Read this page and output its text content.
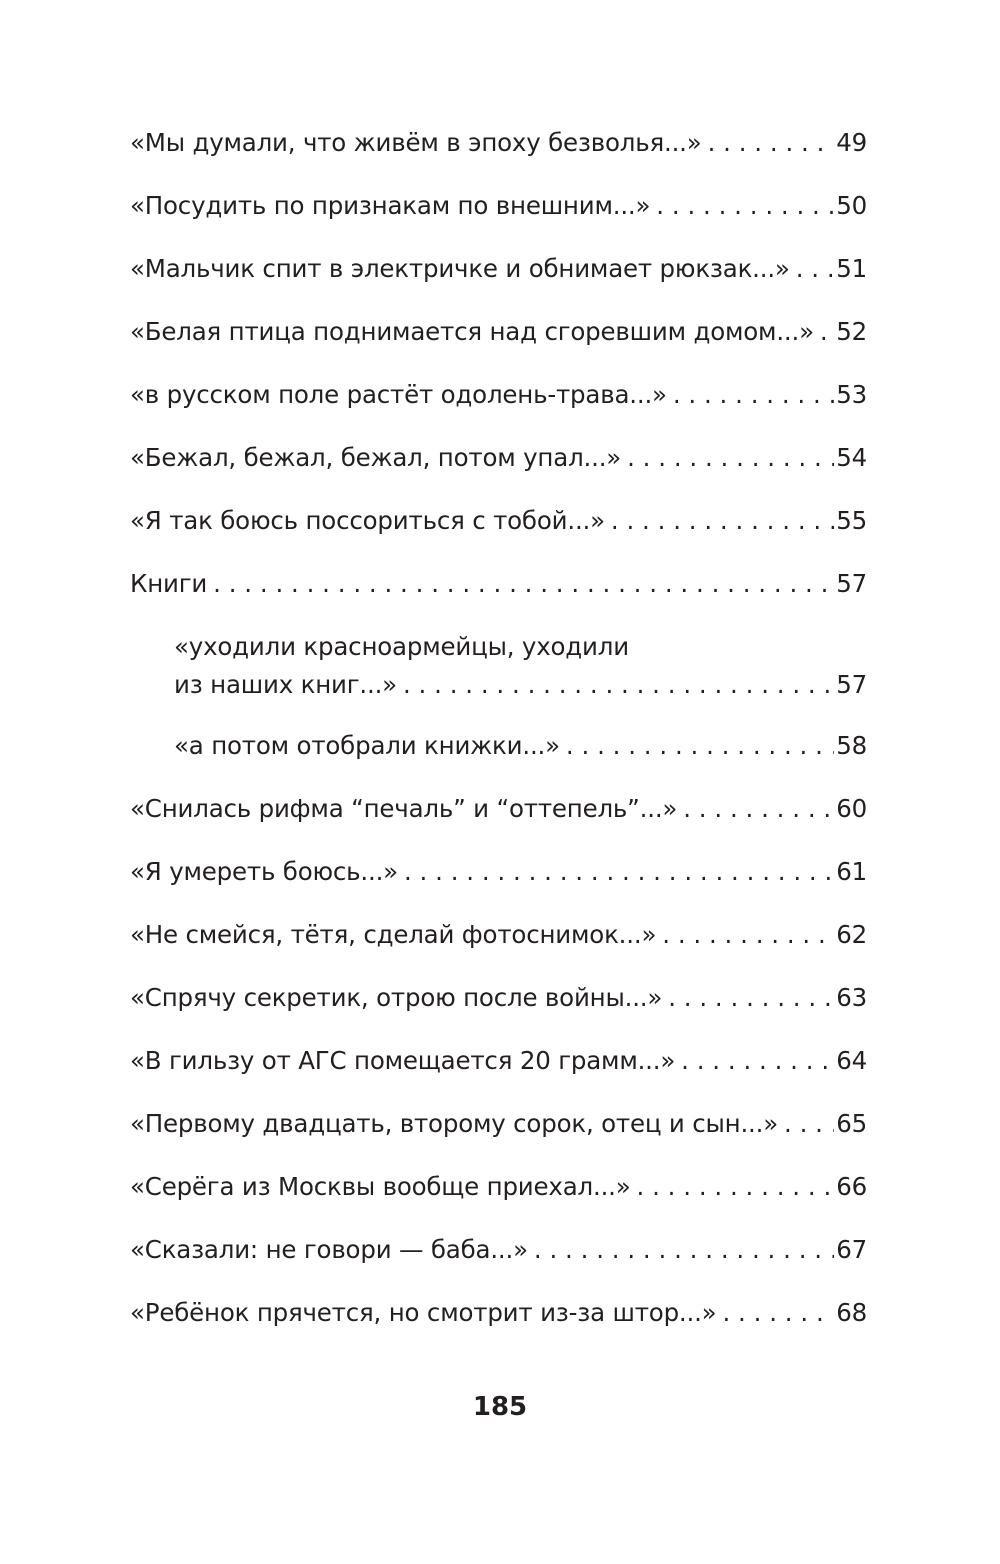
«Мы думали, что живём в эпоху безволья...» . . .	49
«Посудить по признакам по внешним...» . . .	50
«Мальчик спит в электричке и обнимает рюкзак...» . . . 51
«Белая птица поднимается над сгоревшим домом...» . . . 52
«в русском поле растёт одолень-трава...» . . .	53
«Бежал, бежал, бежал, потом упал...» . . .	54
«Я так боюсь поссориться с тобой...» . . .	55
Книги . . .	57
«уходили красноармейцы, уходили
из наших книг...» . . .	57
«а потом отобрали книжки...» . . .	58
«Снилась рифма “печаль” и “оттепель”...» . . .	60
«Я умереть боюсь...» . . .	61
«Не смейся, тётя, сделай фотоснимок...» . . .	62
«Спрячу секретик, отрою после войны...» . . .	63
«В гильзу от АГС помещается 20 грамм...» . . .	64
«Первому двадцать, второму сорок, отец и сын...» . . . 65
«Серёга из Москвы вообще приехал...» . . .	66
«Сказали: не говори — баба...» . . .	67
«Ребёнок прячется, но смотрит из-за штор...» . . .	68
185
